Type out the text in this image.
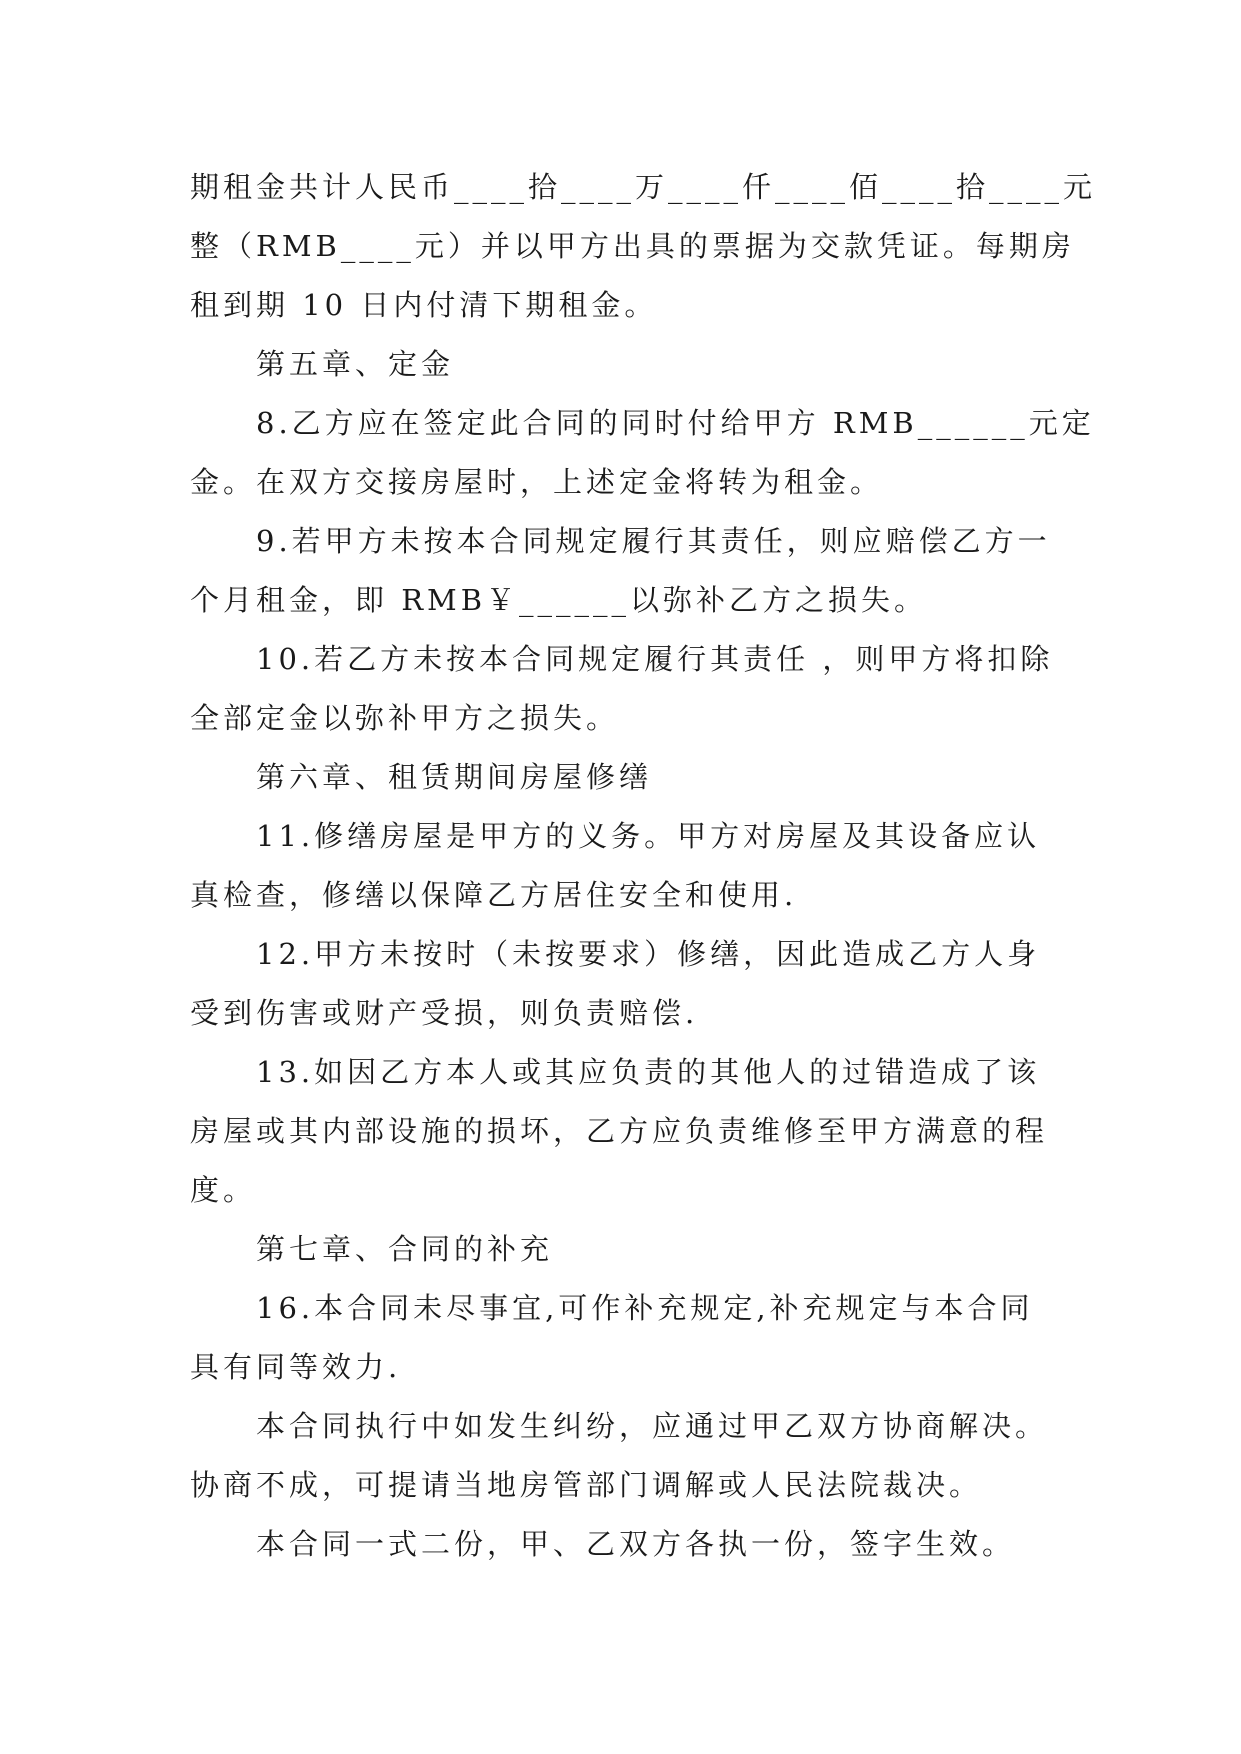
期租金共计人民币____拾____万____仟____佰____拾____元
整（RMB____元）并以甲方出具的票据为交款凭证。每期房
租到期 10 日内付清下期租金。
第五章、定金
8.乙方应在签定此合同的同时付给甲方 RMB______元定
金。在双方交接房屋时，上述定金将转为租金。
9.若甲方未按本合同规定履行其责任，则应赔偿乙方一
个月租金，即 RMB￥______以弥补乙方之损失。
10.若乙方未按本合同规定履行其责任 ，则甲方将扣除
全部定金以弥补甲方之损失。
第六章、租赁期间房屋修缮
11.修缮房屋是甲方的义务。甲方对房屋及其设备应认
真检查，修缮以保障乙方居住安全和使用.
12.甲方未按时（未按要求）修缮，因此造成乙方人身
受到伤害或财产受损，则负责赔偿.
13.如因乙方本人或其应负责的其他人的过错造成了该
房屋或其内部设施的损坏，乙方应负责维修至甲方满意的程
度。
第七章、合同的补充
16.本合同未尽事宜,可作补充规定,补充规定与本合同
具有同等效力.
本合同执行中如发生纠纷，应通过甲乙双方协商解决。
协商不成，可提请当地房管部门调解或人民法院裁决。
本合同一式二份，甲、乙双方各执一份，签字生效。
